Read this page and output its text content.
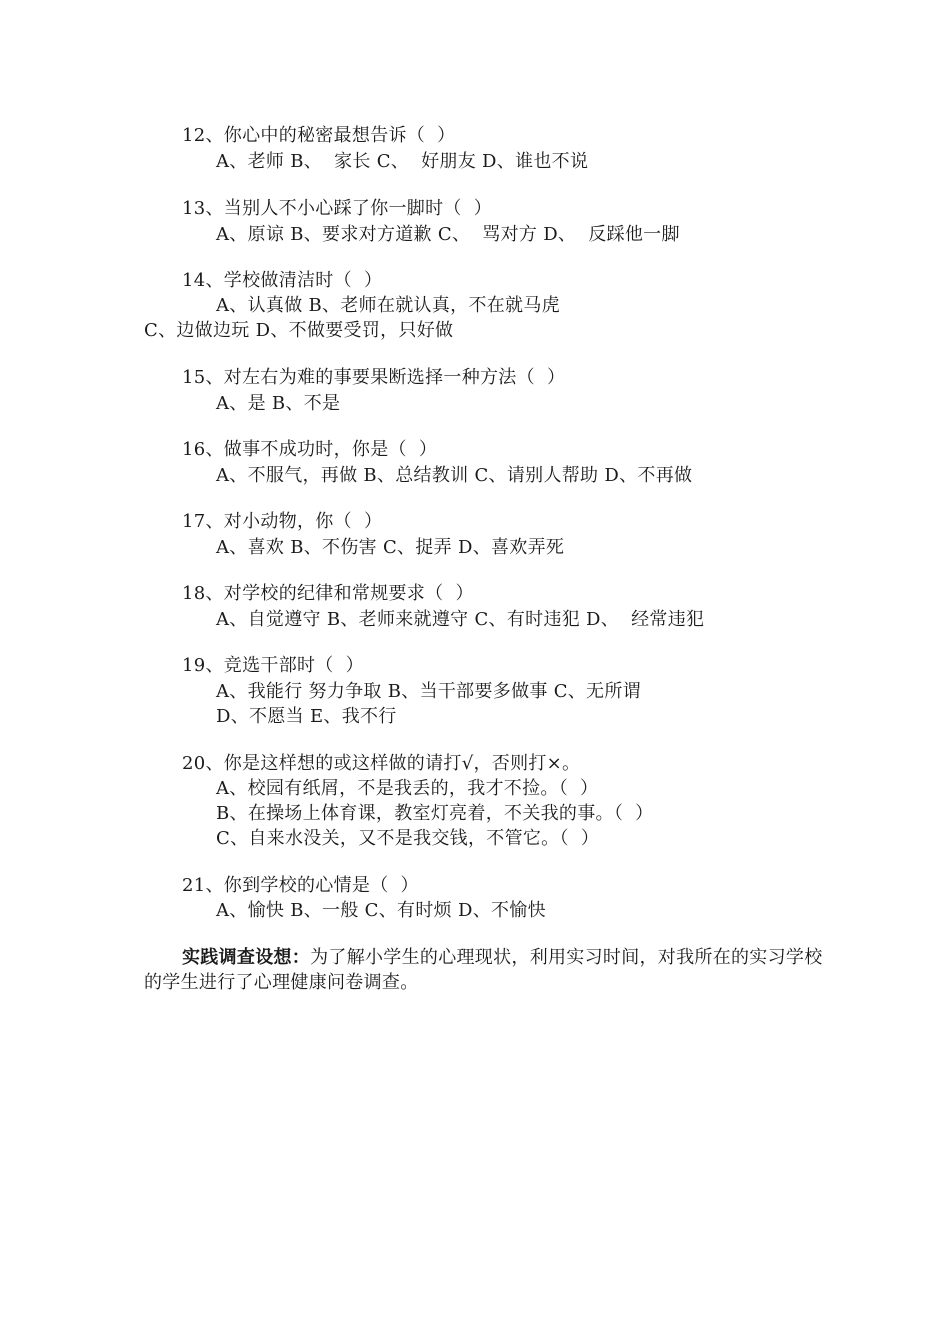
12、你心中的秘密最想告诉（  ）
A、老师 B、  家长 C、  好朋友 D、谁也不说
13、当别人不小心踩了你一脚时（  ）
A、原谅 B、要求对方道歉 C、  骂对方 D、  反踩他一脚
14、学校做清洁时（  ）
A、认真做 B、老师在就认真，不在就马虎
C、边做边玩 D、不做要受罚，只好做
15、对左右为难的事要果断选择一种方法（  ）
A、是 B、不是
16、做事不成功时，你是（  ）
A、不服气，再做 B、总结教训 C、请别人帮助 D、不再做
17、对小动物，你（  ）
A、喜欢 B、不伤害 C、捉弄 D、喜欢弄死
18、对学校的纪律和常规要求（  ）
A、自觉遵守 B、老师来就遵守 C、有时违犯 D、  经常违犯
19、竞选干部时（  ）
A、我能行 努力争取 B、当干部要多做事 C、无所谓
D、不愿当 E、我不行
20、你是这样想的或这样做的请打√，否则打×。
A、校园有纸屑，不是我丢的，我才不捡。（  ）
B、在操场上体育课，教室灯亮着，不关我的事。（  ）
C、自来水没关，又不是我交钱，不管它。（  ）
21、你到学校的心情是（  ）
A、愉快 B、一般 C、有时烦 D、不愉快
实践调查设想：为了解小学生的心理现状，利用实习时间，对我所在的实习学校的学生进行了心理健康问卷调查。
